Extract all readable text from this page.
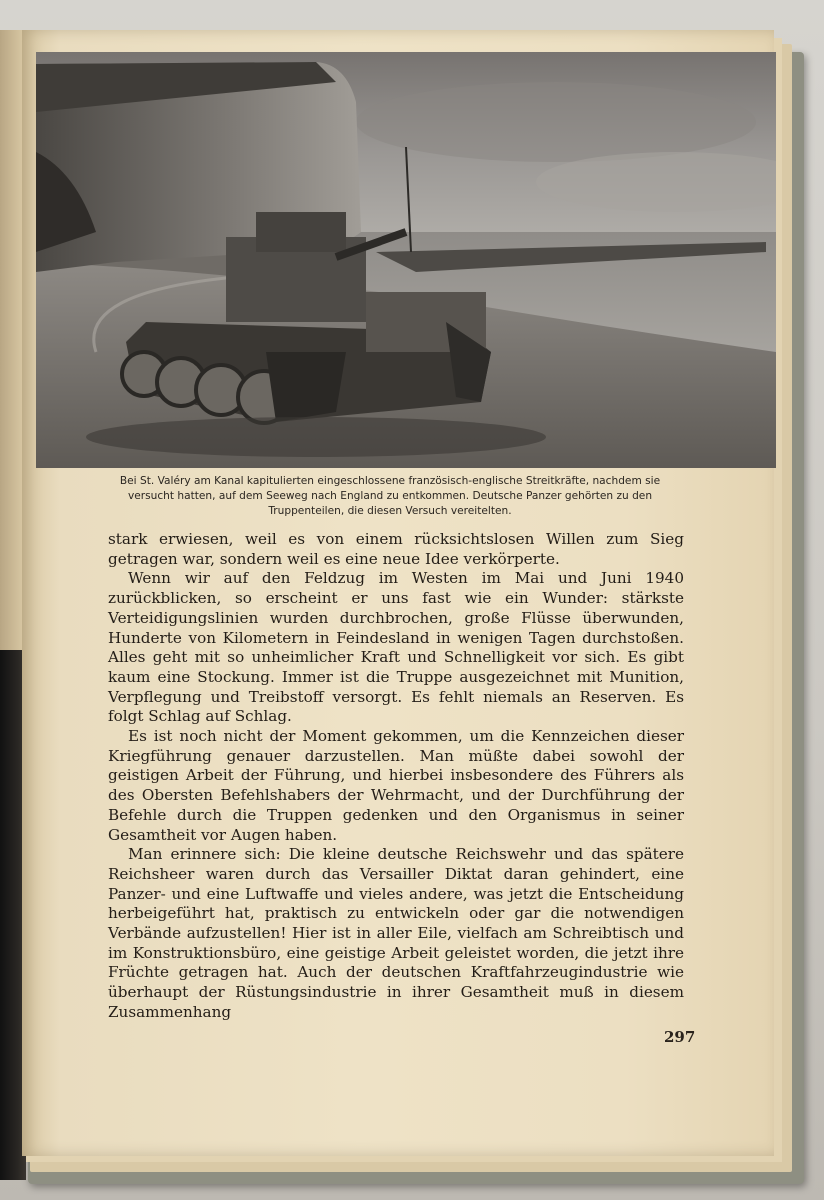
Bei St. Valéry am Kanal kapitulierten eingeschlossene französisch-englische Streitkräfte, nachdem sie versucht hatten, auf dem Seeweg nach England zu entkommen. Deutsche Panzer gehörten zu den Truppenteilen, die diesen Versuch vereitelten.

stark erwiesen, weil es von einem rücksichtslosen Willen zum Sieg getragen war, sondern weil es eine neue Idee verkörperte.

Wenn wir auf den Feldzug im Westen im Mai und Juni 1940 zurückblicken, so erscheint er uns fast wie ein Wunder: stärkste Verteidigungslinien wurden durchbrochen, große Flüsse überwunden, Hunderte von Kilometern in Feindesland in wenigen Tagen durchstoßen. Alles geht mit so unheimlicher Kraft und Schnelligkeit vor sich. Es gibt kaum eine Stockung. Immer ist die Truppe ausgezeichnet mit Munition, Verpflegung und Treibstoff versorgt. Es fehlt niemals an Reserven. Es folgt Schlag auf Schlag.

Es ist noch nicht der Moment gekommen, um die Kennzeichen dieser Kriegführung genauer darzustellen. Man müßte dabei sowohl der geistigen Arbeit der Führung, und hierbei insbesondere des Führers als des Obersten Befehlshabers der Wehrmacht, und der Durchführung der Befehle durch die Truppen gedenken und den Organismus in seiner Gesamtheit vor Augen haben.

Man erinnere sich: Die kleine deutsche Reichswehr und das spätere Reichsheer waren durch das Versailler Diktat daran gehindert, eine Panzer- und eine Luftwaffe und vieles andere, was jetzt die Entscheidung herbeigeführt hat, praktisch zu entwickeln oder gar die notwendigen Verbände aufzustellen! Hier ist in aller Eile, vielfach am Schreibtisch und im Konstruktionsbüro, eine geistige Arbeit geleistet worden, die jetzt ihre Früchte getragen hat. Auch der deutschen Kraftfahrzeugindustrie wie überhaupt der Rüstungsindustrie in ihrer Gesamtheit muß in diesem Zusammenhang

297
